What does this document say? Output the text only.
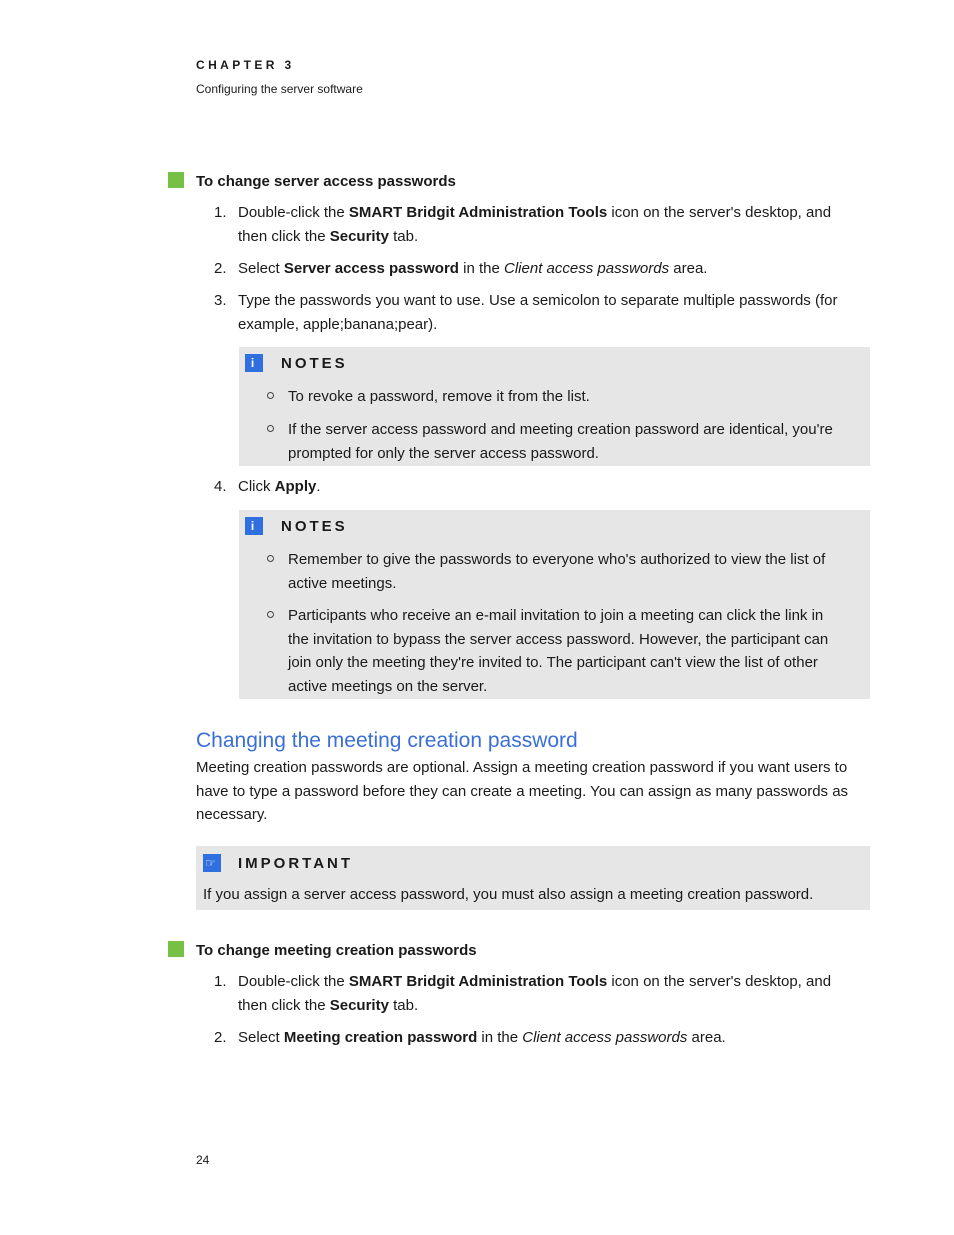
CHAPTER 3
Configuring the server software
To change server access passwords
1. Double-click the SMART Bridgit Administration Tools icon on the server's desktop, and then click the Security tab.
2. Select Server access password in the Client access passwords area.
3. Type the passwords you want to use. Use a semicolon to separate multiple passwords (for example, apple;banana;pear).
i NOTES
To revoke a password, remove it from the list.
If the server access password and meeting creation password are identical, you're prompted for only the server access password.
4. Click Apply.
i NOTES
Remember to give the passwords to everyone who's authorized to view the list of active meetings.
Participants who receive an e-mail invitation to join a meeting can click the link in the invitation to bypass the server access password. However, the participant can join only the meeting they're invited to. The participant can't view the list of other active meetings on the server.
Changing the meeting creation password
Meeting creation passwords are optional. Assign a meeting creation password if you want users to have to type a password before they can create a meeting. You can assign as many passwords as necessary.
☞ IMPORTANT
If you assign a server access password, you must also assign a meeting creation password.
To change meeting creation passwords
1. Double-click the SMART Bridgit Administration Tools icon on the server's desktop, and then click the Security tab.
2. Select Meeting creation password in the Client access passwords area.
24
